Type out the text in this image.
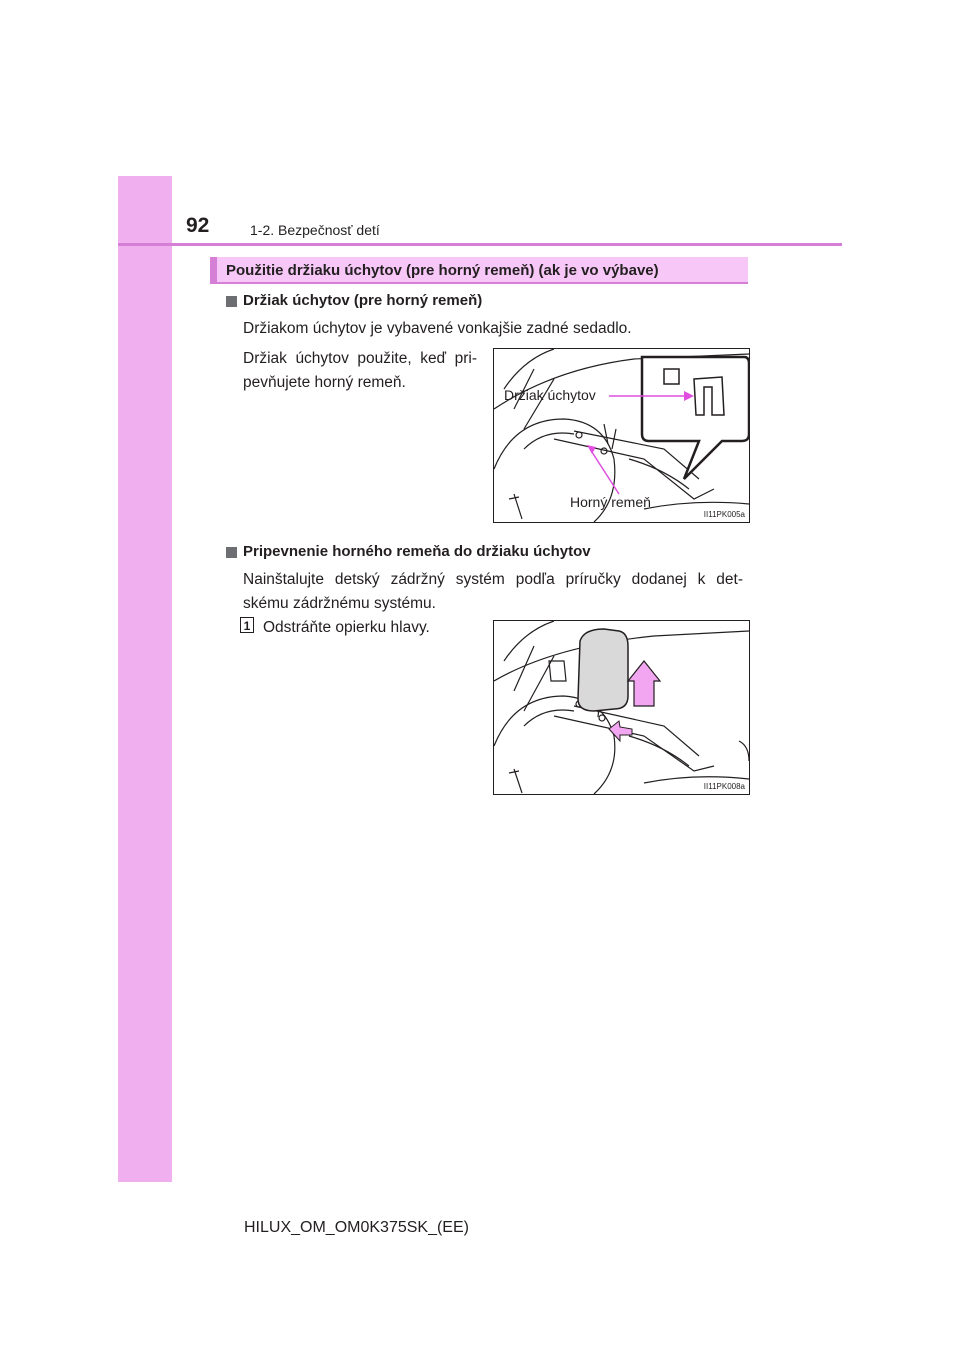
92	1-2. Bezpečnosť detí
Použitie držiaku úchytov (pre horný remeň) (ak je vo výbave)
Držiak úchytov (pre horný remeň)
Držiakom úchytov je vybavené vonkajšie zadné sedadlo.
Držiak úchytov použite, keď pri-
pevňujete horný remeň.
Držiak úchytov
Horný remeň
II11PK005a
Pripevnenie horného remeňa do držiaku úchytov
Nainštalujte detský zádržný systém podľa príručky dodanej k det-
skému zádržnému systému.
1 Odstráňte opierku hlavy.
II11PK008a
HILUX_OM_OM0K375SK_(EE)
